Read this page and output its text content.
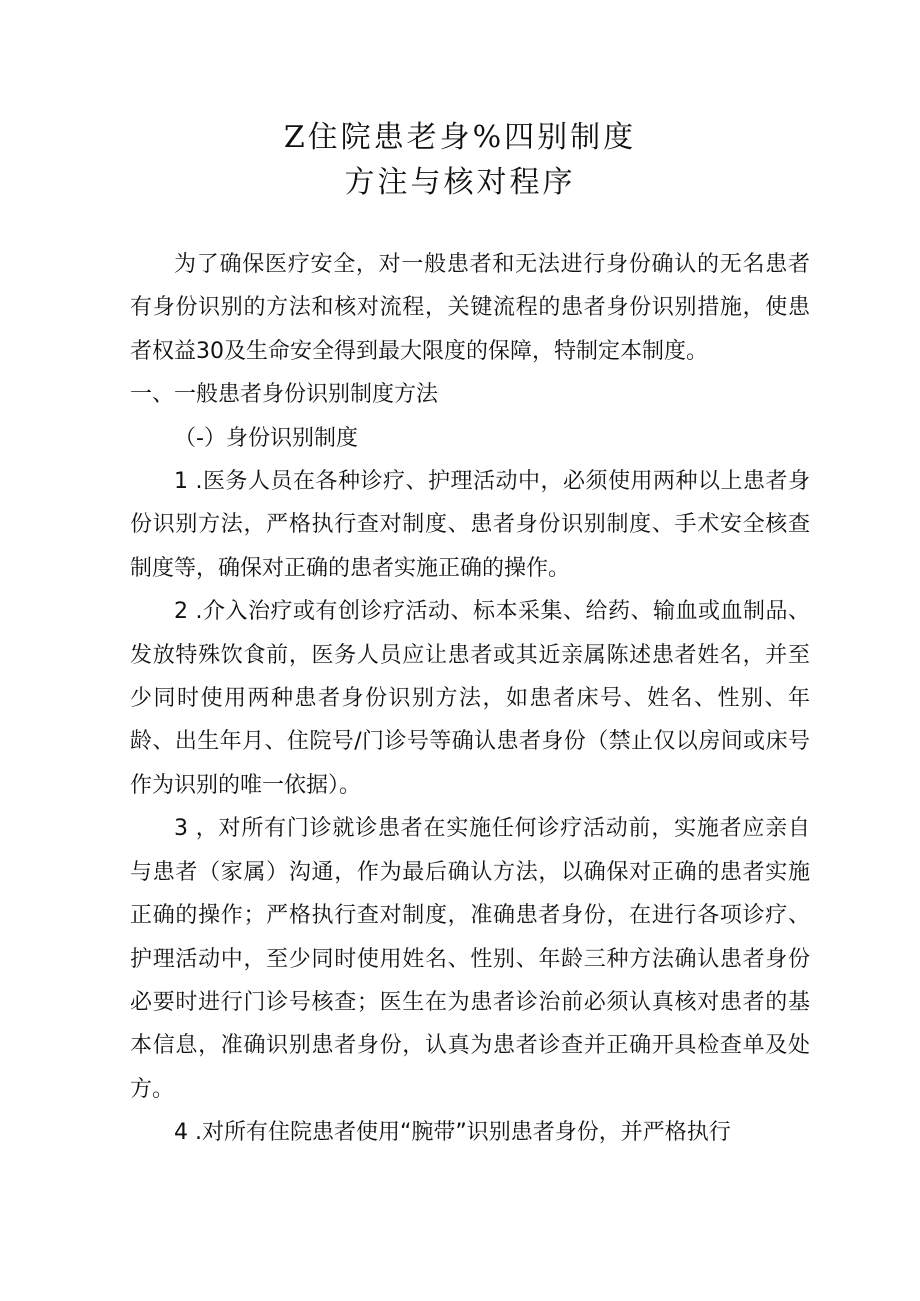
Z住院患老身%四别制度
方注与核对程序

为了确保医疗安全，对一般患者和无法进行身份确认的无名患者有身份识别的方法和核对流程，关键流程的患者身份识别措施，使患者权益30及生命安全得到最大限度的保障，特制定本制度。

一、一般患者身份识别制度方法

（-）身份识别制度

1 .医务人员在各种诊疗、护理活动中，必须使用两种以上患者身份识别方法，严格执行查对制度、患者身份识别制度、手术安全核查制度等，确保对正确的患者实施正确的操作。

2 .介入治疗或有创诊疗活动、标本采集、给药、输血或血制品、发放特殊饮食前，医务人员应让患者或其近亲属陈述患者姓名，并至少同时使用两种患者身份识别方法，如患者床号、姓名、性别、年龄、出生年月、住院号/门诊号等确认患者身份（禁止仅以房间或床号作为识别的唯一依据）。

3 ，对所有门诊就诊患者在实施任何诊疗活动前，实施者应亲自与患者（家属）沟通，作为最后确认方法，以确保对正确的患者实施正确的操作；严格执行查对制度，准确患者身份，在进行各项诊疗、护理活动中，至少同时使用姓名、性别、年龄三种方法确认患者身份必要时进行门诊号核查；医生在为患者诊治前必须认真核对患者的基本信息，准确识别患者身份，认真为患者诊查并正确开具检查单及处方。

4 .对所有住院患者使用“腕带”识别患者身份，并严格执行
